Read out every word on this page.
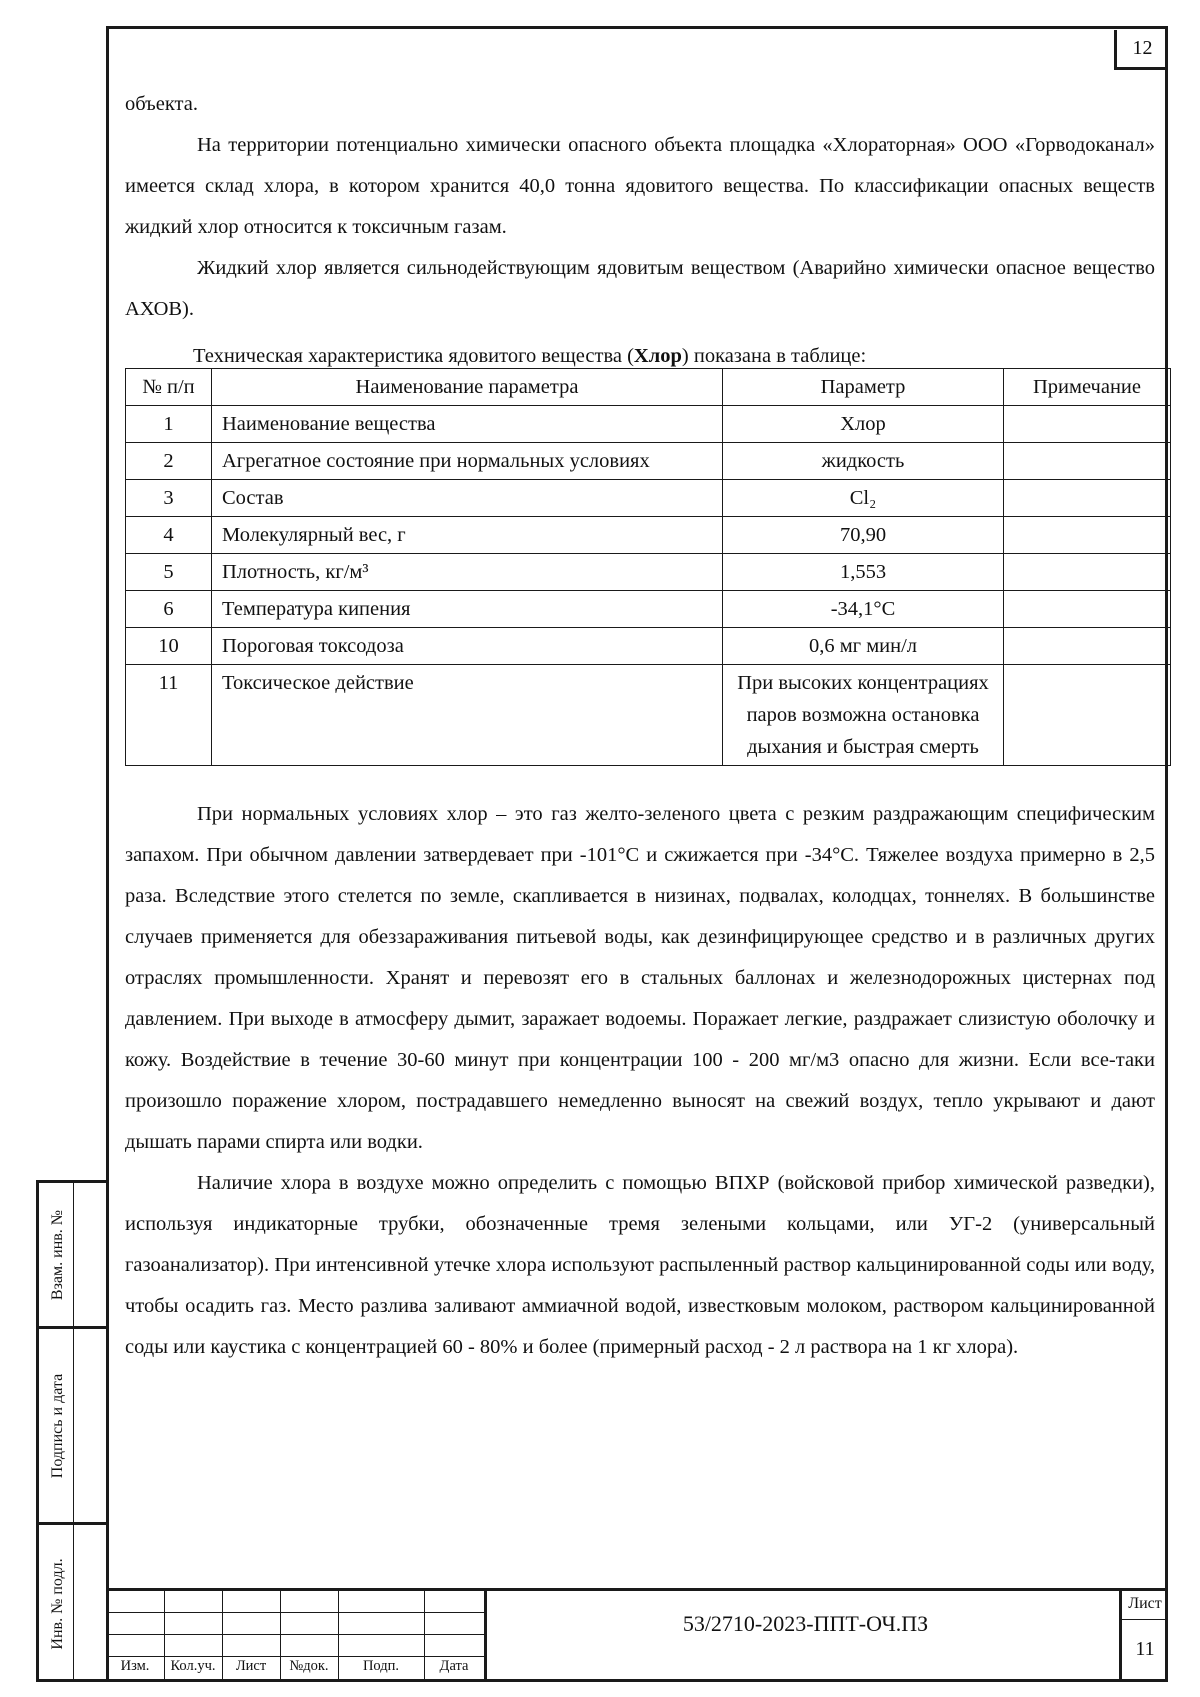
12

объекта.

На территории потенциально химически опасного объекта площадка «Хлораторная» ООО «Горводоканал» имеется склад хлора, в котором хранится 40,0 тонна ядовитого вещества. По классификации опасных веществ жидкий хлор относится к токсичным газам.

Жидкий хлор является сильнодействующим ядовитым веществом (Аварийно химически опасное вещество АХОВ).

Техническая характеристика ядовитого вещества (Хлор) показана в таблице:

№ п/п	Наименование параметра	Параметр	Примечание
1	Наименование вещества	Хлор	
2	Агрегатное состояние при нормальных условиях	жидкость	
3	Состав	Cl₂	
4	Молекулярный вес, г	70,90	
5	Плотность, кг/м³	1,553	
6	Температура кипения	-34,1°С	
10	Пороговая токсодоза	0,6 мг мин/л	
11	Токсическое действие	При высоких концентрациях паров возможна остановка дыхания и быстрая смерть	

При нормальных условиях хлор – это газ желто-зеленого цвета с резким раздражающим специфическим запахом. При обычном давлении затвердевает при -101°С и сжижается при -34°С. Тяжелее воздуха примерно в 2,5 раза. Вследствие этого стелется по земле, скапливается в низинах, подвалах, колодцах, тоннелях. В большинстве случаев применяется для обеззараживания питьевой воды, как дезинфицирующее средство и в различных других отраслях промышленности. Хранят и перевозят его в стальных баллонах и железнодорожных цистернах под давлением. При выходе в атмосферу дымит, заражает водоемы. Поражает легкие, раздражает слизистую оболочку и кожу. Воздействие в течение 30-60 минут при концентрации 100 - 200 мг/м3 опасно для жизни. Если все-таки произошло поражение хлором, пострадавшего немедленно выносят на свежий воздух, тепло укрывают и дают дышать парами спирта или водки.

Наличие хлора в воздухе можно определить с помощью ВПХР (войсковой прибор химической разведки), используя индикаторные трубки, обозначенные тремя зелеными кольцами, или УГ-2 (универсальный газоанализатор). При интенсивной утечке хлора используют распыленный раствор кальцинированной соды или воду, чтобы осадить газ. Место разлива заливают аммиачной водой, известковым молоком, раствором кальцинированной соды или каустика с концентрацией 60 - 80% и более (примерный расход - 2 л раствора на 1 кг хлора).

Взам. инв. №
Подпись и дата
Инв. № подл.
Изм.	Кол.уч.	Лист	№док.	Подп.	Дата
53/2710-2023-ППТ-ОЧ.ПЗ
Лист
11
